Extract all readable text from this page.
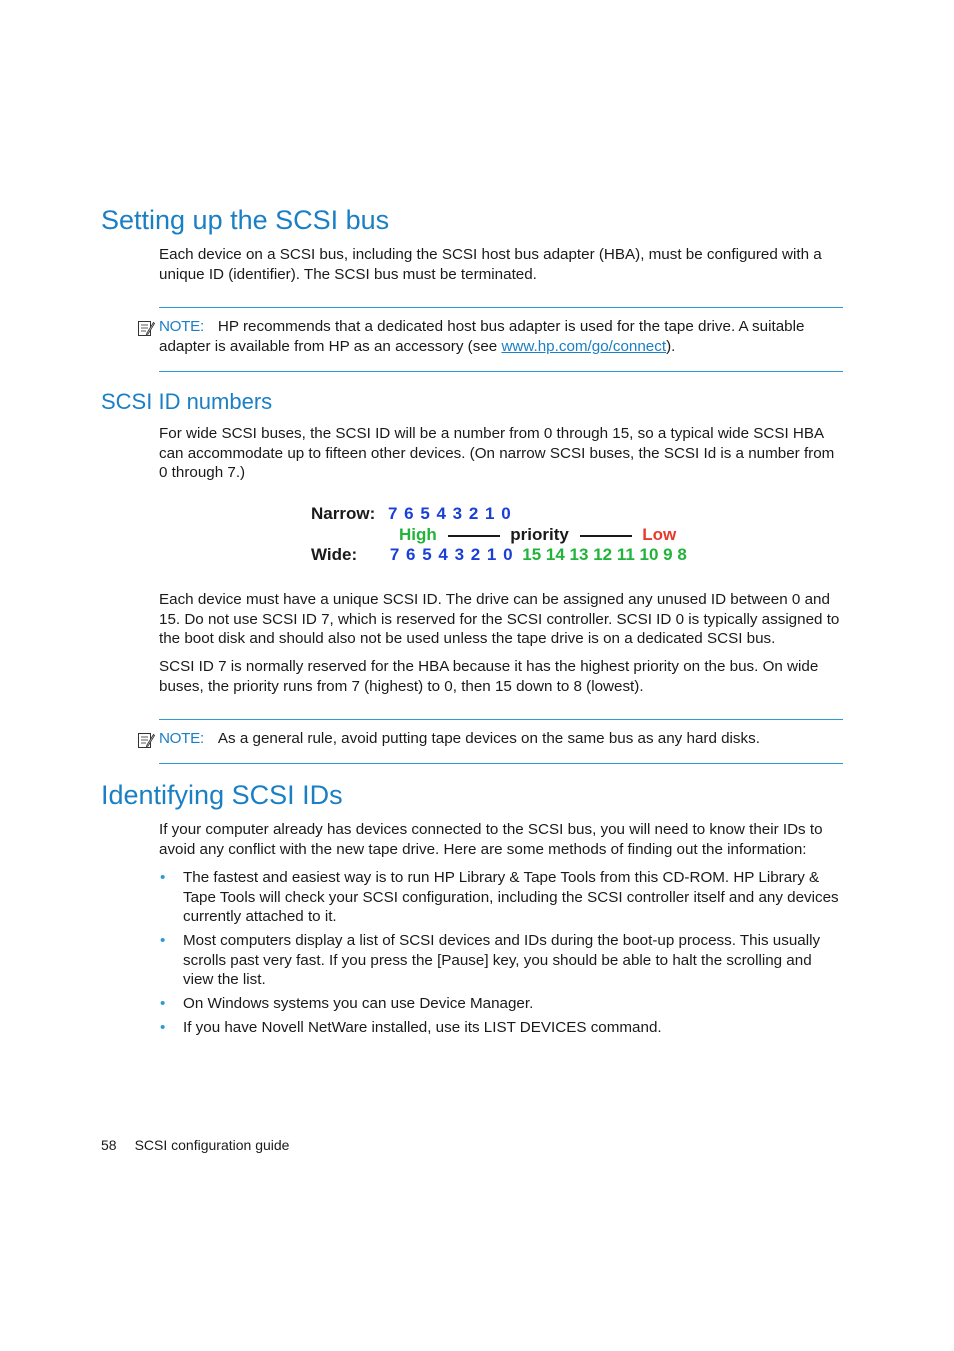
Setting up the SCSI bus

Each device on a SCSI bus, including the SCSI host bus adapter (HBA), must be configured with a unique ID (identifier). The SCSI bus must be terminated.

NOTE: HP recommends that a dedicated host bus adapter is used for the tape drive. A suitable adapter is available from HP as an accessory (see www.hp.com/go/connect).
SCSI ID numbers

For wide SCSI buses, the SCSI ID will be a number from 0 through 15, so a typical wide SCSI HBA can accommodate up to fifteen other devices. (On narrow SCSI buses, the SCSI Id is a number from 0 through 7.)

Narrow: 7 6 5 4 3 2 1 0
High	priority	Low
Wide: 7 6 5 4 3 2 1 0 15 14 13 12 11 10 9 8

Each device must have a unique SCSI ID. The drive can be assigned any unused ID between 0 and 15. Do not use SCSI ID 7, which is reserved for the SCSI controller. SCSI ID 0 is typically assigned to the boot disk and should also not be used unless the tape drive is on a dedicated SCSI bus.

SCSI ID 7 is normally reserved for the HBA because it has the highest priority on the bus. On wide buses, the priority runs from 7 (highest) to 0, then 15 down to 8 (lowest).

NOTE: As a general rule, avoid putting tape devices on the same bus as any hard disks.
Identifying SCSI IDs

If your computer already has devices connected to the SCSI bus, you will need to know their IDs to avoid any conflict with the new tape drive. Here are some methods of finding out the information:

• The fastest and easiest way is to run HP Library & Tape Tools from this CD-ROM. HP Library & Tape Tools will check your SCSI configuration, including the SCSI controller itself and any devices currently attached to it.
• Most computers display a list of SCSI devices and IDs during the boot-up process. This usually scrolls past very fast. If you press the [Pause] key, you should be able to halt the scrolling and view the list.
• On Windows systems you can use Device Manager.
• If you have Novell NetWare installed, use its LIST DEVICES command.
58 SCSI configuration guide
